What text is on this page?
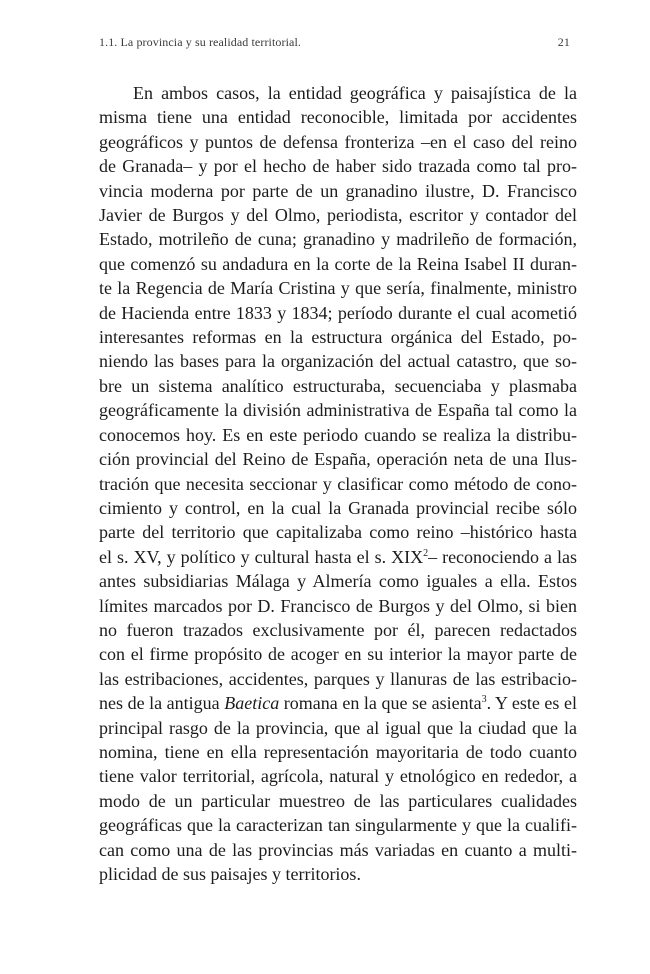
1.1. La provincia y su realidad territorial.	21
En ambos casos, la entidad geográfica y paisajística de la
misma tiene una entidad reconocible, limitada por accidentes
geográficos y puntos de defensa fronteriza –en el caso del reino
de Granada– y por el hecho de haber sido trazada como tal pro-
vincia moderna por parte de un granadino ilustre, D. Francisco
Javier de Burgos y del Olmo, periodista, escritor y contador del
Estado, motrileño de cuna; granadino y madrileño de formación,
que comenzó su andadura en la corte de la Reina Isabel II duran-
te la Regencia de María Cristina y que sería, finalmente, ministro
de Hacienda entre 1833 y 1834; período durante el cual acometió
interesantes reformas en la estructura orgánica del Estado, po-
niendo las bases para la organización del actual catastro, que so-
bre un sistema analítico estructuraba, secuenciaba y plasmaba
geográficamente la división administrativa de España tal como la
conocemos hoy. Es en este periodo cuando se realiza la distribu-
ción provincial del Reino de España, operación neta de una Ilus-
tración que necesita seccionar y clasificar como método de cono-
cimiento y control, en la cual la Granada provincial recibe sólo
parte del territorio que capitalizaba como reino –histórico hasta
el s. XV, y político y cultural hasta el s. XIX$^2$– reconociendo a las
antes subsidiarias Málaga y Almería como iguales a ella. Estos
límites marcados por D. Francisco de Burgos y del Olmo, si bien
no fueron trazados exclusivamente por él, parecen redactados
con el firme propósito de acoger en su interior la mayor parte de
las estribaciones, accidentes, parques y llanuras de las estribacio-
nes de la antigua Baetica romana en la que se asienta$^3$. Y este es el
principal rasgo de la provincia, que al igual que la ciudad que la
nomina, tiene en ella representación mayoritaria de todo cuanto
tiene valor territorial, agrícola, natural y etnológico en rededor, a
modo de un particular muestreo de las particulares cualidades
geográficas que la caracterizan tan singularmente y que la cualifi-
can como una de las provincias más variadas en cuanto a multi-
plicidad de sus paisajes y territorios.
